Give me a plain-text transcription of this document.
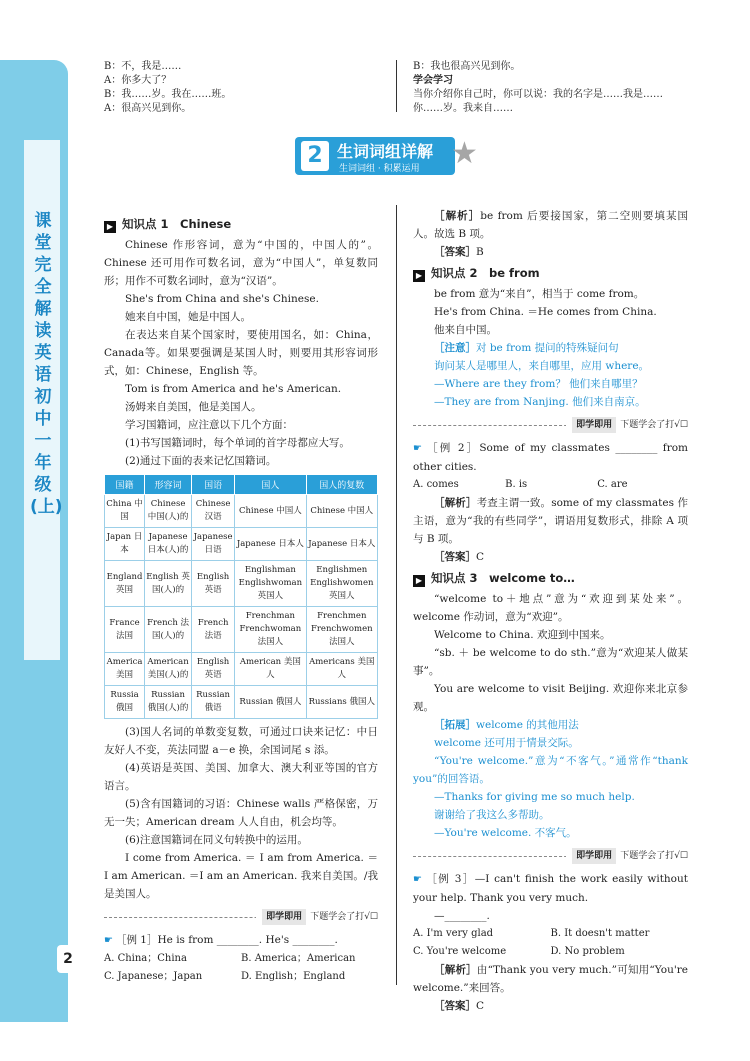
课堂完全解读英语初中一年级(上)
2
B：不，我是……
A：你多大了？
B：我……岁。我在……班。
A：很高兴见到你。
B：我也很高兴见到你。
学会学习
当你介绍你自己时，你可以说：我的名字是……我是……你……岁。我来自……
2 生词词组详解
生词词组 · 积累运用 ★
▶ 知识点 1　Chinese

Chinese 作形容词，意为“中国的，中国人的”。Chinese 还可用作可数名词，意为“中国人”，单复数同形；用作不可数名词时，意为“汉语”。

She's from China and she's Chinese.

她来自中国，她是中国人。

在表达来自某个国家时，要使用国名，如：China，Canada等。如果要强调是某国人时，则要用其形容词形式，如：Chinese，English 等。

Tom is from America and he's American.

汤姆来自美国，他是美国人。

学习国籍词，应注意以下几个方面：

(1)书写国籍词时，每个单词的首字母都应大写。

(2)通过下面的表来记忆国籍词。

国籍	形容词	国语	国人	国人的复数
China 中国	Chinese 中国(人)的	Chinese 汉语	Chinese 中国人	Chinese 中国人
Japan 日本	Japanese 日本(人)的	Japanese 日语	Japanese 日本人	Japanese 日本人
England 英国	English 英国(人)的	English 英语	Englishman Englishwoman 英国人	Englishmen Englishwomen 英国人
France 法国	French 法国(人)的	French 法语	Frenchman Frenchwoman 法国人	Frenchmen Frenchwomen 法国人
America 美国	American 美国(人)的	English 英语	American 美国人	Americans 美国人
Russia 俄国	Russian 俄国(人)的	Russian 俄语	Russian 俄国人	Russians 俄国人

(3)国人名词的单数变复数，可通过口诀来记忆：中日友好人不变，英法同盟 a－e 换，余国词尾 s 添。

(4)英语是英国、美国、加拿大、澳大利亚等国的官方语言。

(5)含有国籍词的习语：Chinese walls 严格保密，万无一失；American dream 人人自由，机会均等。

(6)注意国籍词在同义句转换中的运用。

I come from America. ＝ I am from America. ＝ I am American. ＝I am an American. 我来自美国。/我是美国人。

即学即用 下题学会了打√☐

☛ ［例 1］He is from ________. He's ________.

A. China；China	B. America；American
C. Japanese；Japan	D. English；England

［解析］be from 后要接国家，第二空则要填某国人。故选 B 项。

［答案］B

▶ 知识点 2　be from

be from 意为“来自”，相当于 come from。

He's from China. ＝He comes from China.

他来自中国。

［注意］对 be from 提问的特殊疑问句

询问某人是哪里人，来自哪里，应用 where。

—Where are they from？ 他们来自哪里？

—They are from Nanjing. 他们来自南京。

即学即用 下题学会了打√☐

☛ ［例 2］Some of my classmates ________ from other cities.

A. comes	B. is	C. are

［解析］考查主谓一致。some of my classmates 作主语，意为“我的有些同学”，谓语用复数形式，排除 A 项与 B 项。

［答案］C

▶ 知识点 3　welcome to…

“welcome to＋地点”意为“欢迎到某处来”。welcome 作动词，意为“欢迎”。

Welcome to China. 欢迎到中国来。

“sb. ＋ be welcome to do sth.”意为“欢迎某人做某事”。

You are welcome to visit Beijing. 欢迎你来北京参观。

［拓展］welcome 的其他用法

welcome 还可用于情景交际。

“You're welcome.”意为“不客气。”通常作“thank you”的回答语。

—Thanks for giving me so much help.

谢谢给了我这么多帮助。

—You're welcome. 不客气。

即学即用 下题学会了打√☐

☛ ［例 3］—I can't finish the work easily without your help. Thank you very much.

—________.

A. I'm very glad	B. It doesn't matter
C. You're welcome	D. No problem

［解析］由“Thank you very much.”可知用“You're welcome.”来回答。

［答案］C
